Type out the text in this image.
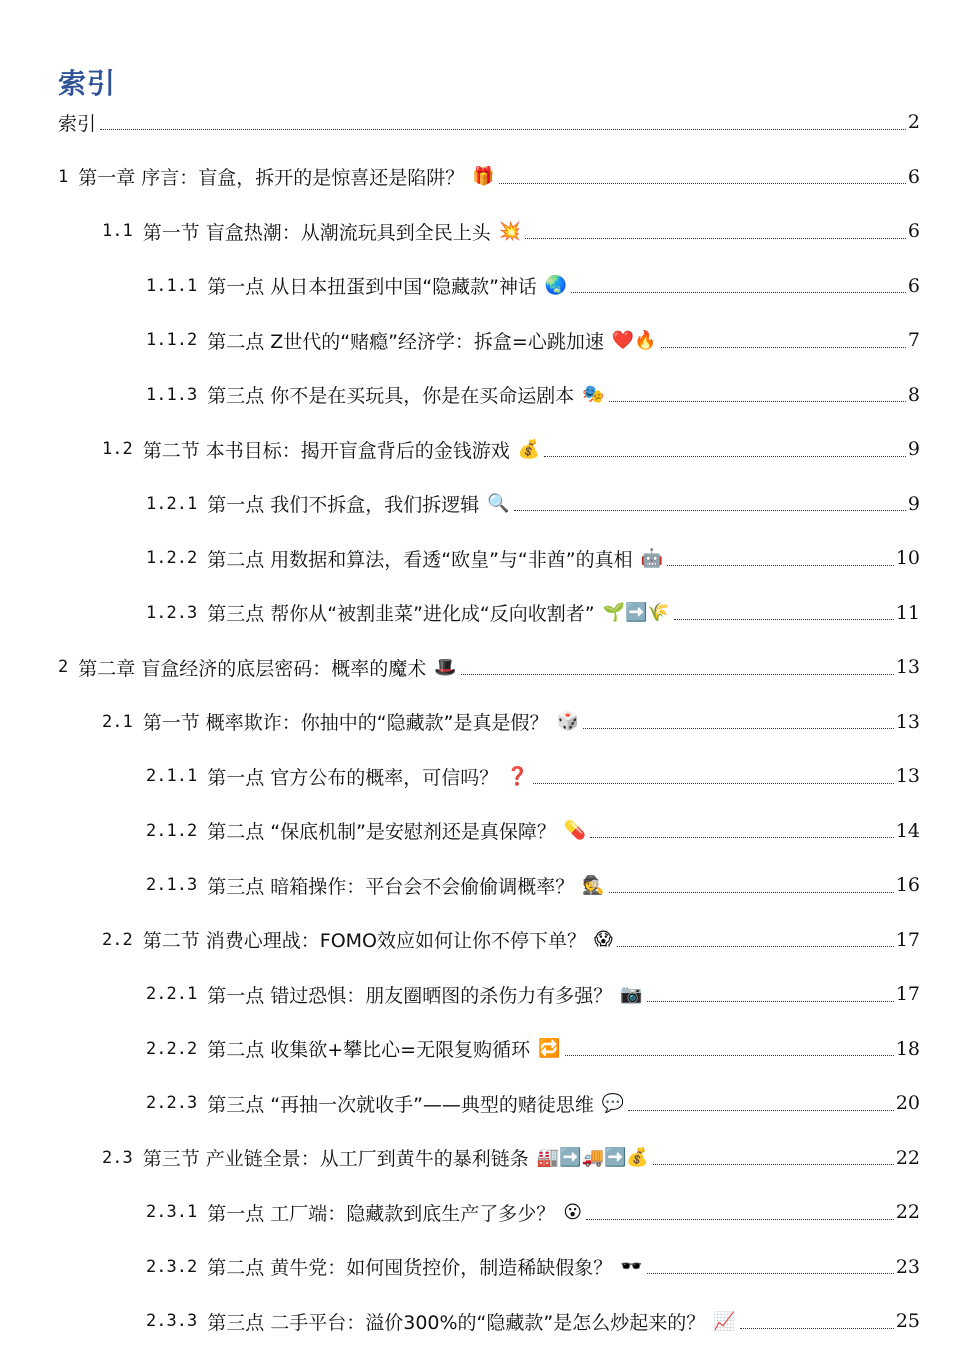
索引
索引	2
1 第一章 序言：盲盒，拆开的是惊喜还是陷阱？ 🎁	6
1.1 第一节 盲盒热潮：从潮流玩具到全民上头 💥	6
1.1.1 第一点 从日本扭蛋到中国“隐藏款”神话 🌏	6
1.1.2 第二点 Z世代的“赌瘾”经济学：拆盒=心跳加速 ❤️🔥	7
1.1.3 第三点 你不是在买玩具，你是在买命运剧本 🎭	8
1.2 第二节 本书目标：揭开盲盒背后的金钱游戏 💰	9
1.2.1 第一点 我们不拆盒，我们拆逻辑 🔍	9
1.2.2 第二点 用数据和算法，看透“欧皇”与“非酋”的真相 🤖	10
1.2.3 第三点 帮你从“被割韭菜”进化成“反向收割者” 🌱➡️🌾	11
2 第二章 盲盒经济的底层密码：概率的魔术 🎩	13
2.1 第一节 概率欺诈：你抽中的“隐藏款”是真是假？ 🎲	13
2.1.1 第一点 官方公布的概率，可信吗？ ❓	13
2.1.2 第二点 “保底机制”是安慰剂还是真保障？ 💊	14
2.1.3 第三点 暗箱操作：平台会不会偷偷调概率？ 🕵️	16
2.2 第二节 消费心理战：FOMO效应如何让你不停下单？ 😱	17
2.2.1 第一点 错过恐惧：朋友圈晒图的杀伤力有多强？ 📷	17
2.2.2 第二点 收集欲+攀比心=无限复购循环 🔁	18
2.2.3 第三点 “再抽一次就收手”——典型的赌徒思维 💬	20
2.3 第三节 产业链全景：从工厂到黄牛的暴利链条 🏭➡️🚚➡️💰	22
2.3.1 第一点 工厂端：隐藏款到底生产了多少？ 😮	22
2.3.2 第二点 黄牛党：如何囤货控价，制造稀缺假象？ 🕶️	23
2.3.3 第三点 二手平台：溢价300%的“隐藏款”是怎么炒起来的？ 📈	25
